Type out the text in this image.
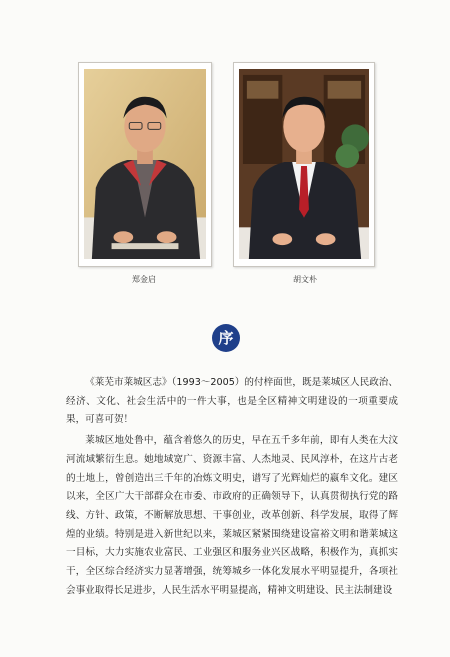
郑金启	胡文朴
序

《莱芜市莱城区志》（1993～2005）的付梓面世，既是莱城区人民政治、经济、文化、社会生活中的一件大事，也是全区精神文明建设的一项重要成果，可喜可贺！

莱城区地处鲁中，蕴含着悠久的历史，早在五千多年前，即有人类在大汶河流域繁衍生息。她地域宽广、资源丰富、人杰地灵、民风淳朴，在这片古老的土地上，曾创造出三千年的冶炼文明史，谱写了光辉灿烂的嬴牟文化。建区以来，全区广大干部群众在市委、市政府的正确领导下，认真贯彻执行党的路线、方针、政策，不断解放思想、干事创业，改革创新、科学发展，取得了辉煌的业绩。特别是进入新世纪以来，莱城区紧紧围绕建设富裕文明和谐莱城这一目标，大力实施农业富民、工业强区和服务业兴区战略，积极作为，真抓实干，全区综合经济实力显著增强，统筹城乡一体化发展水平明显提升，各项社会事业取得长足进步，人民生活水平明显提高，精神文明建设、民主法制建设
